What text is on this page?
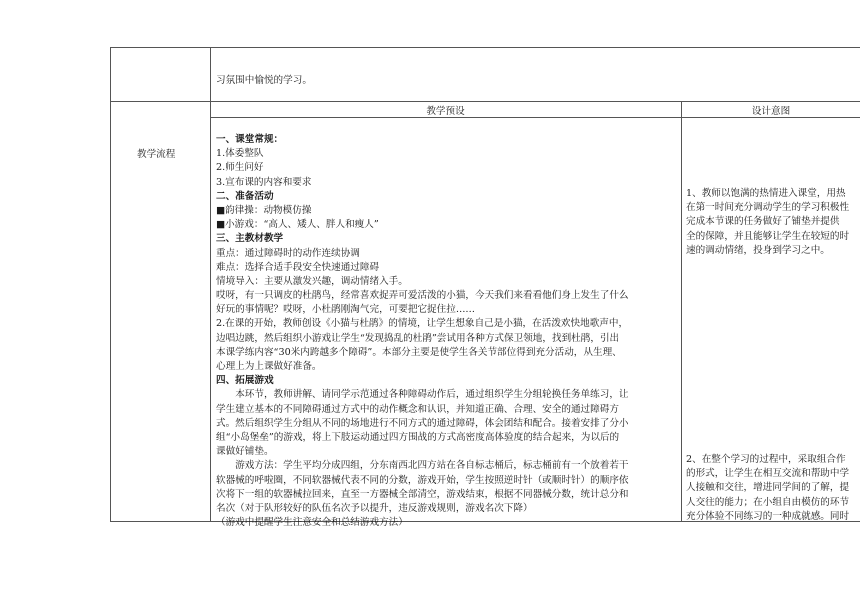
习氛围中愉悦的学习。
教学预设	设计意图
教学流程
一、课堂常规：
1.体委整队
2.师生问好
3.宣布课的内容和要求
二、准备活动
■韵律操：动物模仿操
■小游戏：“高人、矮人、胖人和瘦人”
三、主教材教学
重点：通过障碍时的动作连续协调
难点：选择合适手段安全快速通过障碍
情境导入：主要从激发兴趣，调动情绪入手。
哎呀，有一只调皮的杜鹃鸟，经常喜欢捉弄可爱活泼的小猫，今天我们来看看他们身上发生了什么
好玩的事情呢？哎呀，小杜鹃刚淘气完，可要把它捉住拉……
2.在课的开始，教师创设《小猫与杜鹃》的情境，让学生想象自己是小猫，在活泼欢快地歌声中，
边唱边跳，然后组织小游戏让学生“发现捣乱的杜鹃”尝试用各种方式保卫领地，找到杜鹃，引出
本课学练内容“30米内跨越多个障碍”。本部分主要是使学生各关节部位得到充分活动，从生理、
心理上为上课做好准备。
四、拓展游戏
本环节，教师讲解、请同学示范通过各种障碍动作后，通过组织学生分组轮换任务单练习，让
学生建立基本的不同障碍通过方式中的动作概念和认识，并知道正确、合理、安全的通过障碍方
式。然后组织学生分组从不同的场地进行不同方式的通过障碍，体会团结和配合。接着安排了分小
组“小岛堡垒”的游戏，将上下肢运动通过四方围战的方式高密度高体验度的结合起来，为以后的
课做好铺垫。
游戏方法：学生平均分成四组，分东南西北四方站在各自标志桶后，标志桶前有一个放着若干
软器械的呼啦圈，不同软器械代表不同的分数，游戏开始，学生按照逆时针（或顺时针）的顺序依
次将下一组的软器械拉回来，直至一方器械全部清空，游戏结束，根据不同器械分数，统计总分和
名次（对于队形较好的队伍名次予以提升，违反游戏规则，游戏名次下降）
（游戏中提醒学生注意安全和总结游戏方法）
1、教师以饱满的热情进入课堂，用热
在第一时间充分调动学生的学习积极性
完成本节课的任务做好了铺垫并提供
全的保障，并且能够让学生在较短的时
速的调动情绪，投身到学习之中。
2、在整个学习的过程中，采取组合作
的形式，让学生在相互交流和帮助中学
人接触和交往，增进同学间的了解，提
人交往的能力；在小组自由模仿的环节
充分体验不同练习的一种成就感。同时
